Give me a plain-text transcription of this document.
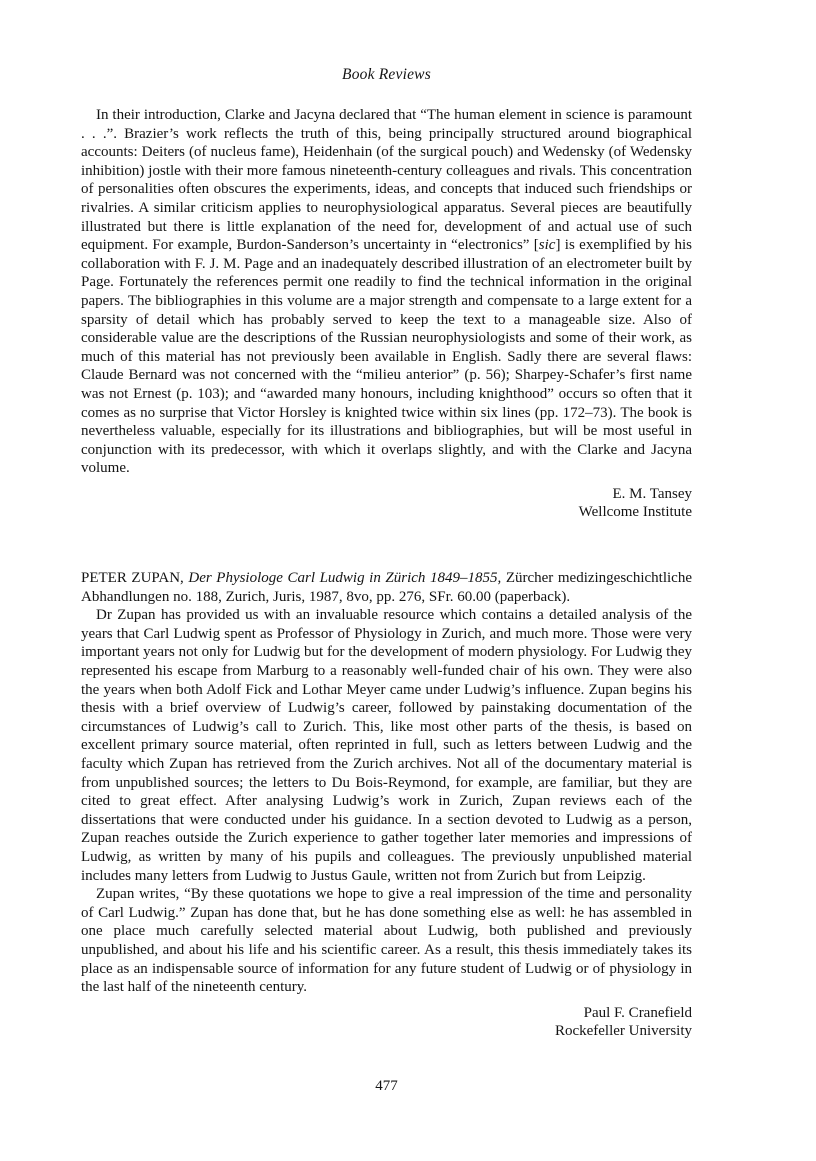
Book Reviews

In their introduction, Clarke and Jacyna declared that “The human element in science is paramount . . .”. Brazier’s work reflects the truth of this, being principally structured around biographical accounts: Deiters (of nucleus fame), Heidenhain (of the surgical pouch) and Wedensky (of Wedensky inhibition) jostle with their more famous nineteenth-century colleagues and rivals. This concentration of personalities often obscures the experiments, ideas, and concepts that induced such friendships or rivalries. A similar criticism applies to neurophysiological apparatus. Several pieces are beautifully illustrated but there is little explanation of the need for, development of and actual use of such equipment. For example, Burdon-Sanderson’s uncertainty in “electronics” [sic] is exemplified by his collaboration with F. J. M. Page and an inadequately described illustration of an electrometer built by Page. Fortunately the references permit one readily to find the technical information in the original papers. The bibliographies in this volume are a major strength and compensate to a large extent for a sparsity of detail which has probably served to keep the text to a manageable size. Also of considerable value are the descriptions of the Russian neurophysiologists and some of their work, as much of this material has not previously been available in English. Sadly there are several flaws: Claude Bernard was not concerned with the “milieu anterior” (p. 56); Sharpey-Schafer’s first name was not Ernest (p. 103); and “awarded many honours, including knighthood” occurs so often that it comes as no surprise that Victor Horsley is knighted twice within six lines (pp. 172–73). The book is nevertheless valuable, especially for its illustrations and bibliographies, but will be most useful in conjunction with its predecessor, with which it overlaps slightly, and with the Clarke and Jacyna volume.

E. M. Tansey
Wellcome Institute

PETER ZUPAN, Der Physiologe Carl Ludwig in Zürich 1849–1855, Zürcher medizingeschichtliche Abhandlungen no. 188, Zurich, Juris, 1987, 8vo, pp. 276, SFr. 60.00 (paperback).

Dr Zupan has provided us with an invaluable resource which contains a detailed analysis of the years that Carl Ludwig spent as Professor of Physiology in Zurich, and much more. Those were very important years not only for Ludwig but for the development of modern physiology. For Ludwig they represented his escape from Marburg to a reasonably well-funded chair of his own. They were also the years when both Adolf Fick and Lothar Meyer came under Ludwig’s influence. Zupan begins his thesis with a brief overview of Ludwig’s career, followed by painstaking documentation of the circumstances of Ludwig’s call to Zurich. This, like most other parts of the thesis, is based on excellent primary source material, often reprinted in full, such as letters between Ludwig and the faculty which Zupan has retrieved from the Zurich archives. Not all of the documentary material is from unpublished sources; the letters to Du Bois-Reymond, for example, are familiar, but they are cited to great effect. After analysing Ludwig’s work in Zurich, Zupan reviews each of the dissertations that were conducted under his guidance. In a section devoted to Ludwig as a person, Zupan reaches outside the Zurich experience to gather together later memories and impressions of Ludwig, as written by many of his pupils and colleagues. The previously unpublished material includes many letters from Ludwig to Justus Gaule, written not from Zurich but from Leipzig.

Zupan writes, “By these quotations we hope to give a real impression of the time and personality of Carl Ludwig.” Zupan has done that, but he has done something else as well: he has assembled in one place much carefully selected material about Ludwig, both published and previously unpublished, and about his life and his scientific career. As a result, this thesis immediately takes its place as an indispensable source of information for any future student of Ludwig or of physiology in the last half of the nineteenth century.

Paul F. Cranefield
Rockefeller University
477
